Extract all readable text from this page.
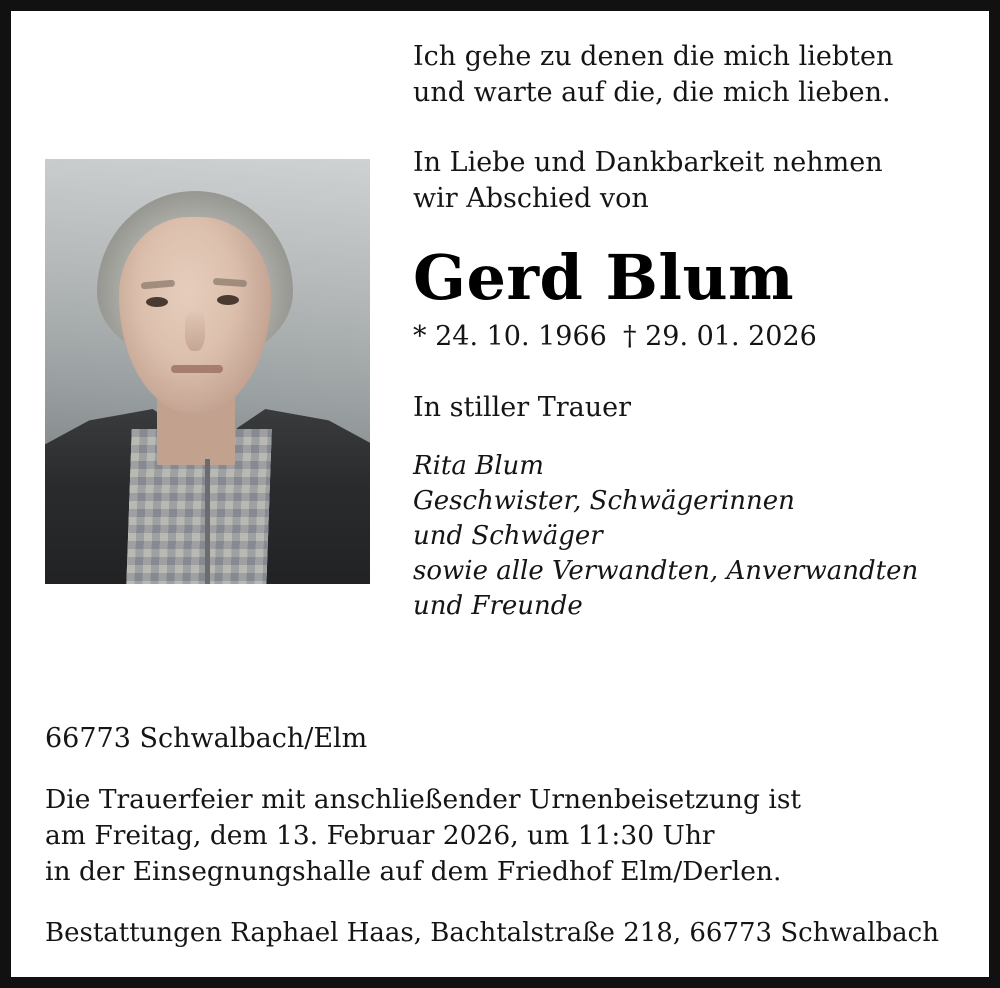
Ich gehe zu denen die mich liebten
und warte auf die, die mich lieben.
In Liebe und Dankbarkeit nehmen
wir Abschied von
Gerd Blum
* 24. 10. 1966 † 29. 01. 2026
In stiller Trauer
Rita Blum
Geschwister, Schwägerinnen
und Schwäger
sowie alle Verwandten, Anverwandten
und Freunde
66773 Schwalbach/Elm
Die Trauerfeier mit anschließender Urnenbeisetzung ist
am Freitag, dem 13. Februar 2026, um 11:30 Uhr
in der Einsegnungshalle auf dem Friedhof Elm/Derlen.
Bestattungen Raphael Haas, Bachtalstraße 218, 66773 Schwalbach
